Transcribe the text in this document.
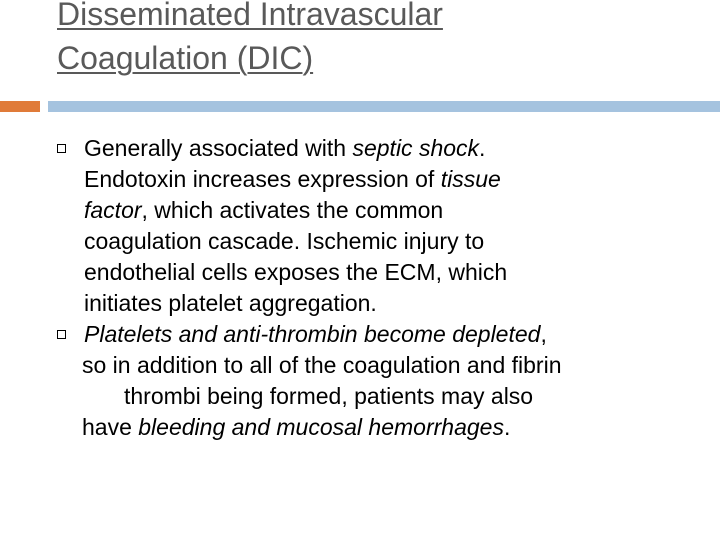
Disseminated Intravascular
Coagulation (DIC)
Generally associated with septic shock.
Endotoxin increases expression of tissue
factor, which activates the common
coagulation cascade. Ischemic injury to
endothelial cells exposes the ECM, which
initiates platelet aggregation.
Platelets and anti-thrombin become depleted,
so in addition to all of the coagulation and fibrin
thrombi being formed, patients may also
have bleeding and mucosal hemorrhages.
